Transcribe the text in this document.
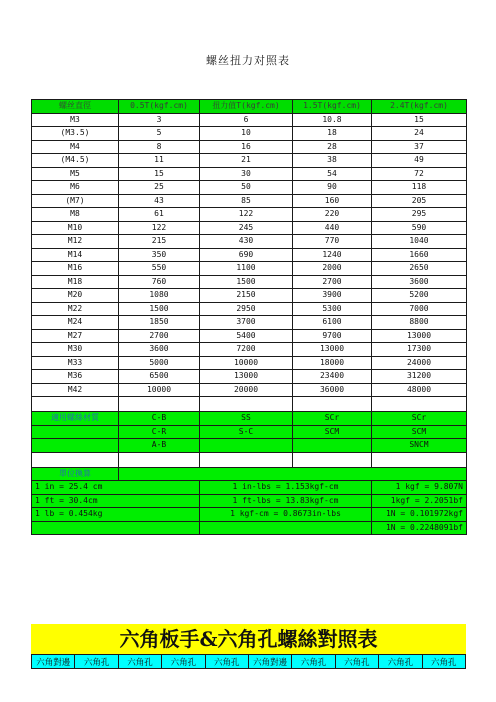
螺丝扭力对照表
螺丝直徑	0.5T(kgf.cm)	扭力值T(kgf.cm)	1.5T(kgf.cm)	2.4T(kgf.cm)
M3	3	6	10.8	15
(M3.5)	5	10	18	24
M4	8	16	28	37
(M4.5)	11	21	38	49
M5	15	30	54	72
M6	25	50	90	118
(M7)	43	85	160	205
M8	61	122	220	295
M10	122	245	440	590
M12	215	430	770	1040
M14	350	690	1240	1660
M16	550	1100	2000	2650
M18	760	1500	2700	3600
M20	1080	2150	3900	5200
M22	1500	2950	5300	7000
M24	1850	3700	6100	8800
M27	2700	5400	9700	13000
M30	3600	7200	13000	17300
M33	5000	10000	18000	24000
M36	6500	13000	23400	31200
M42	10000	20000	36000	48000

適用螺絲材質	C-B	SS	SCr	SCr
	C-R	S-C	SCM	SCM
	A-B			SNCM

單位換算				
1 in = 25.4 cm		1 in-lbs = 1.153kgf-cm		1 kgf = 9.807N
1 ft = 30.4cm		1 ft-lbs = 13.83kgf-cm		1kgf = 2.2051bf
1 lb = 0.454kg		1 kgf-cm = 0.8673in-lbs		1N = 0.101972kgf
				1N = 0.2248091bf
六角板手&六角孔螺絲對照表
六角對邊	六角孔	六角孔	六角孔	六角孔	六角對邊	六角孔	六角孔	六角孔	六角孔
